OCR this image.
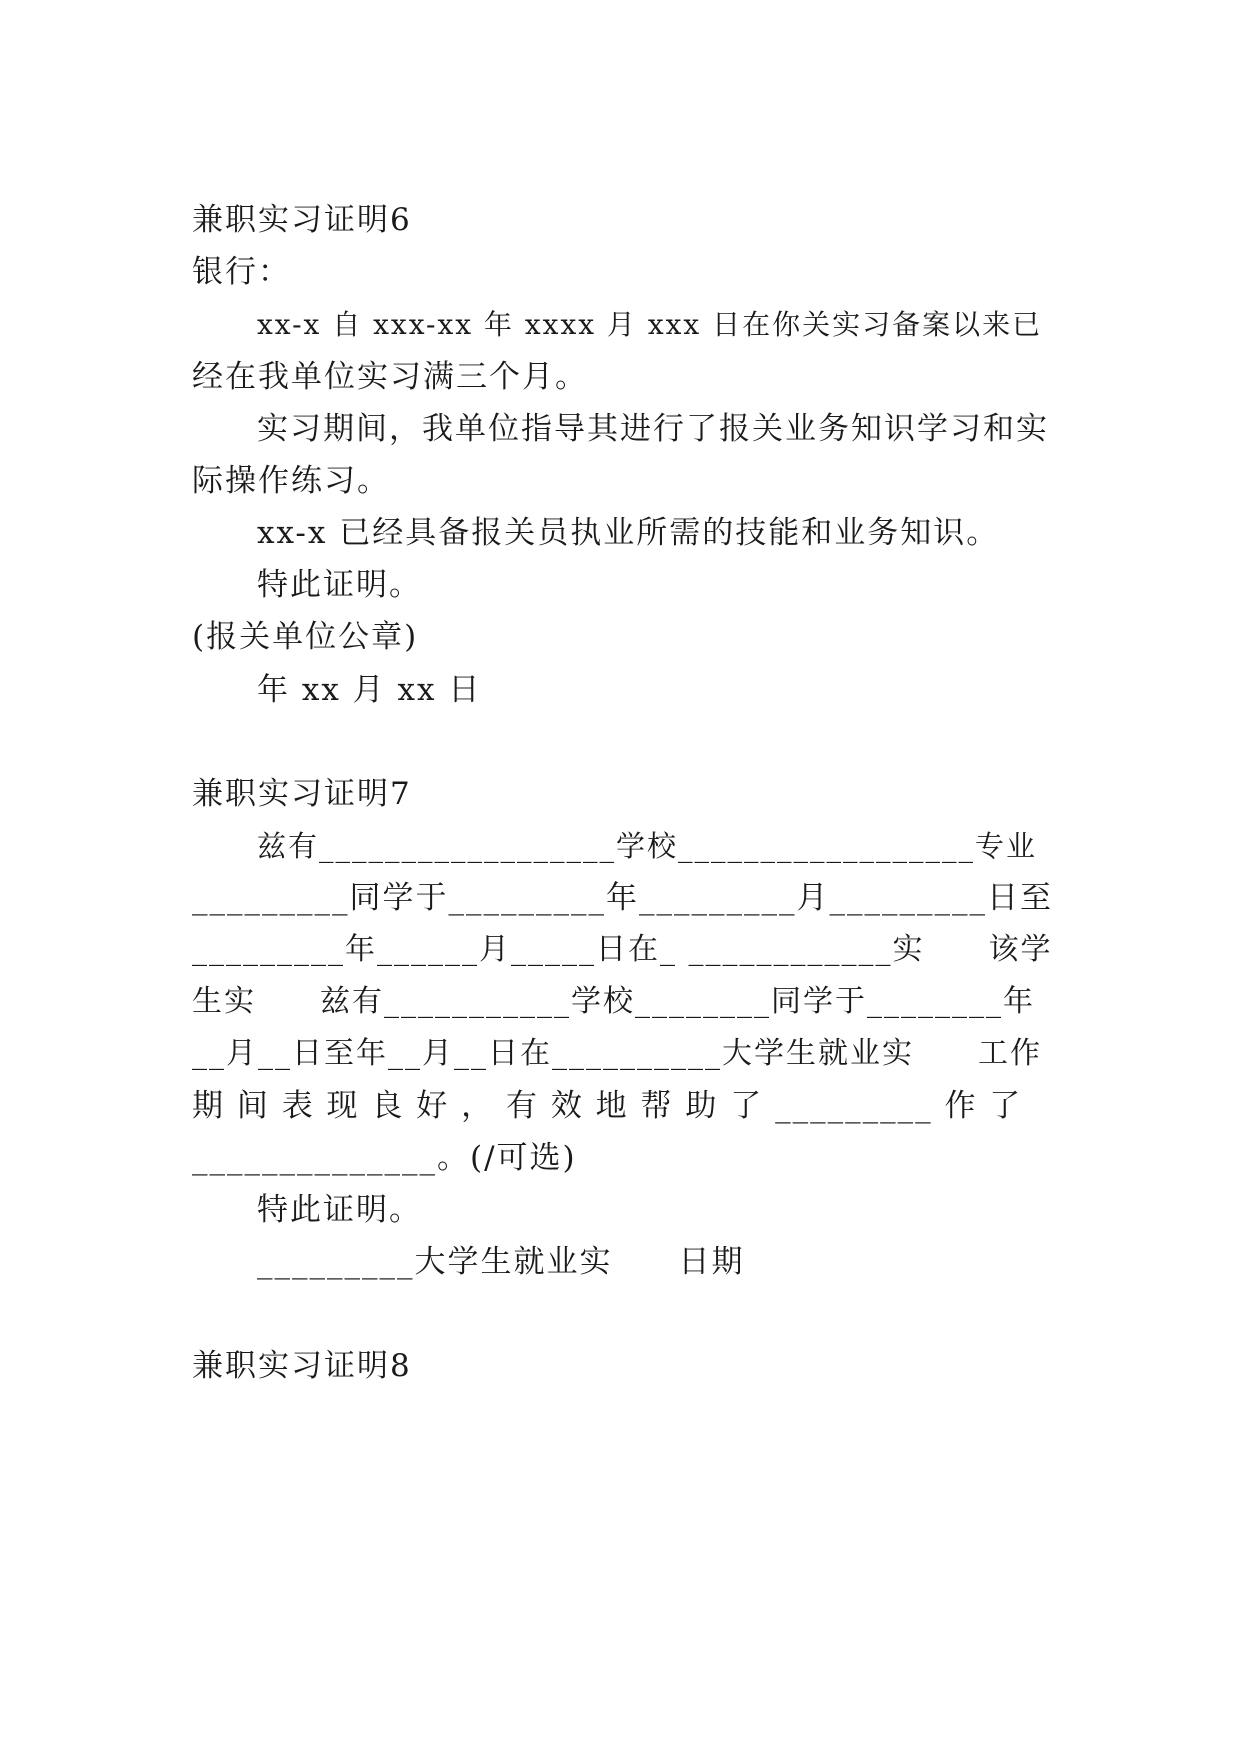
兼职实习证明6
银行：
xx-x 自 xxx-xx 年 xxxx 月 xxx 日在你关实习备案以来已
经在我单位实习满三个月。
实习期间，我单位指导其进行了报关业务知识学习和实
际操作练习。
xx-x 已经具备报关员执业所需的技能和业务知识。
特此证明。
(报关单位公章)
年 xx 月 xx 日
兼职实习证明7
兹有__________________学校__________________专业
_________同学于_________年_________月_________日至
_________年______月_____日在_ ____________实　　该学
生实　　兹有___________学校________同学于________年
__月__日至年__月__日在__________大学生就业实　　工作
期 间 表 现 良 好 ， 有 效 地 帮 助 了 _________ 作 了
______________。(/可选)
特此证明。
_________大学生就业实　　日期
兼职实习证明8
